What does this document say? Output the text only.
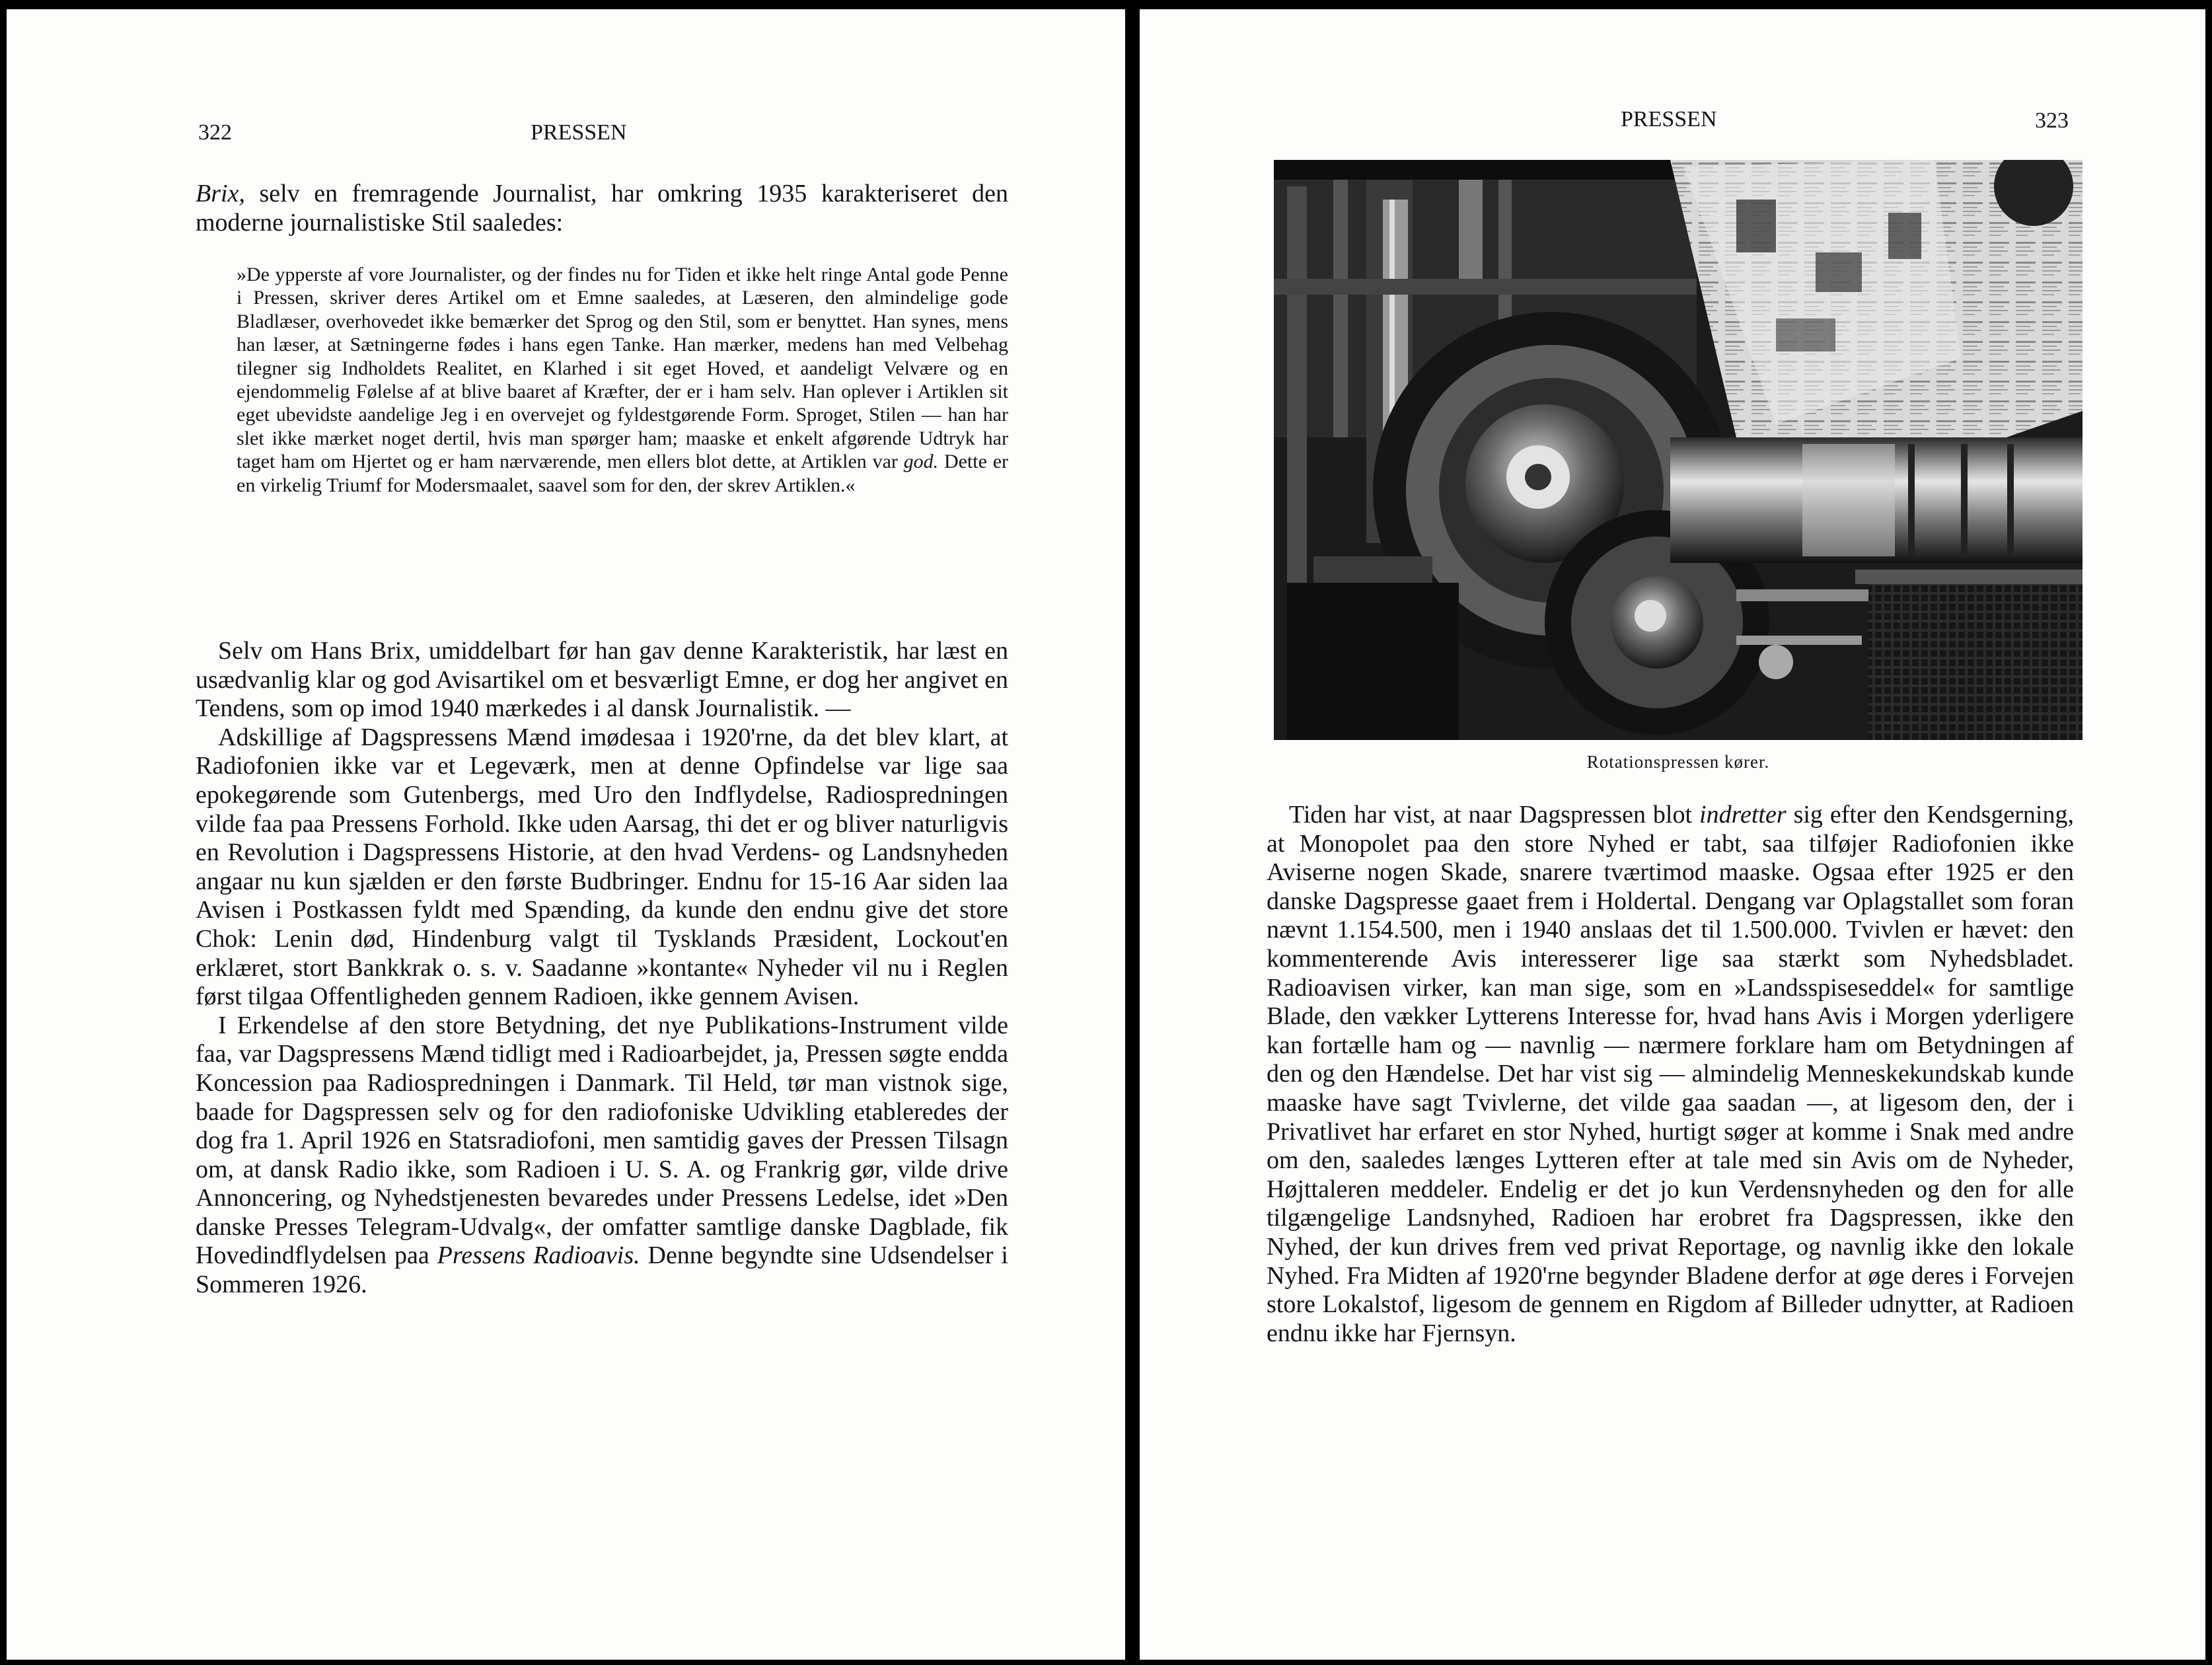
322	PRESSEN

Brix, selv en fremragende Journalist, har omkring 1935 karakteriseret den moderne journalistiske Stil saaledes:

»De ypperste af vore Journalister, og der findes nu for Tiden et ikke helt ringe Antal gode Penne i Pressen, skriver deres Artikel om et Emne saaledes, at Læseren, den almindelige gode Bladlæser, overhovedet ikke bemærker det Sprog og den Stil, som er benyttet. Han synes, mens han læser, at Sætningerne fødes i hans egen Tanke. Han mærker, medens han med Velbehag tilegner sig Indholdets Realitet, en Klarhed i sit eget Hoved, et aandeligt Velvære og en ejendommelig Følelse af at blive baaret af Kræfter, der er i ham selv. Han oplever i Artiklen sit eget ubevidste aandelige Jeg i en overvejet og fyldestgørende Form. Sproget, Stilen — han har slet ikke mærket noget dertil, hvis man spørger ham; maaske et enkelt afgørende Udtryk har taget ham om Hjertet og er ham nærværende, men ellers blot dette, at Artiklen var god. Dette er en virkelig Triumf for Modersmaalet, saavel som for den, der skrev Artiklen.«

Selv om Hans Brix, umiddelbart før han gav denne Karakteristik, har læst en usædvanlig klar og god Avisartikel om et besværligt Emne, er dog her angivet en Tendens, som op imod 1940 mærkedes i al dansk Journalistik. —

Adskillige af Dagspressens Mænd imødesaa i 1920'rne, da det blev klart, at Radiofonien ikke var et Legeværk, men at denne Opfindelse var lige saa epokegørende som Gutenbergs, med Uro den Indflydelse, Radiospredningen vilde faa paa Pressens Forhold. Ikke uden Aarsag, thi det er og bliver naturligvis en Revolution i Dagspressens Historie, at den hvad Verdens- og Landsnyheden angaar nu kun sjælden er den første Budbringer. Endnu for 15-16 Aar siden laa Avisen i Postkassen fyldt med Spænding, da kunde den endnu give det store Chok: Lenin død, Hindenburg valgt til Tysklands Præsident, Lockout'en erklæret, stort Bankkrak o. s. v. Saadanne »kontante« Nyheder vil nu i Reglen først tilgaa Offentligheden gennem Radioen, ikke gennem Avisen.

I Erkendelse af den store Betydning, det nye Publikations-Instrument vilde faa, var Dagspressens Mænd tidligt med i Radioarbejdet, ja, Pressen søgte endda Koncession paa Radiospredningen i Danmark. Til Held, tør man vistnok sige, baade for Dagspressen selv og for den radiofoniske Udvikling etableredes der dog fra 1. April 1926 en Statsradiofoni, men samtidig gaves der Pressen Tilsagn om, at dansk Radio ikke, som Radioen i U. S. A. og Frankrig gør, vilde drive Annoncering, og Nyhedstjenesten bevaredes under Pressens Ledelse, idet »Den danske Presses Telegram-Udvalg«, der omfatter samtlige danske Dagblade, fik Hovedindflydelsen paa Pressens Radioavis. Denne begyndte sine Udsendelser i Sommeren 1926.

PRESSEN	323
Rotationspressen kører.

Tiden har vist, at naar Dagspressen blot indretter sig efter den Kendsgerning, at Monopolet paa den store Nyhed er tabt, saa tilføjer Radiofonien ikke Aviserne nogen Skade, snarere tværtimod maaske. Ogsaa efter 1925 er den danske Dagspresse gaaet frem i Holdertal. Dengang var Oplagstallet som foran nævnt 1.154.500, men i 1940 anslaas det til 1.500.000. Tvivlen er hævet: den kommenterende Avis interesserer lige saa stærkt som Nyhedsbladet. Radioavisen virker, kan man sige, som en »Landsspiseseddel« for samtlige Blade, den vækker Lytterens Interesse for, hvad hans Avis i Morgen yderligere kan fortælle ham og — navnlig — nærmere forklare ham om Betydningen af den og den Hændelse. Det har vist sig — almindelig Menneskekundskab kunde maaske have sagt Tvivlerne, det vilde gaa saadan —, at ligesom den, der i Privatlivet har erfaret en stor Nyhed, hurtigt søger at komme i Snak med andre om den, saaledes længes Lytteren efter at tale med sin Avis om de Nyheder, Højttaleren meddeler. Endelig er det jo kun Verdensnyheden og den for alle tilgængelige Landsnyhed, Radioen har erobret fra Dagspressen, ikke den Nyhed, der kun drives frem ved privat Reportage, og navnlig ikke den lokale Nyhed. Fra Midten af 1920'rne begynder Bladene derfor at øge deres i Forvejen store Lokalstof, ligesom de gennem en Rigdom af Billeder udnytter, at Radioen endnu ikke har Fjernsyn.
